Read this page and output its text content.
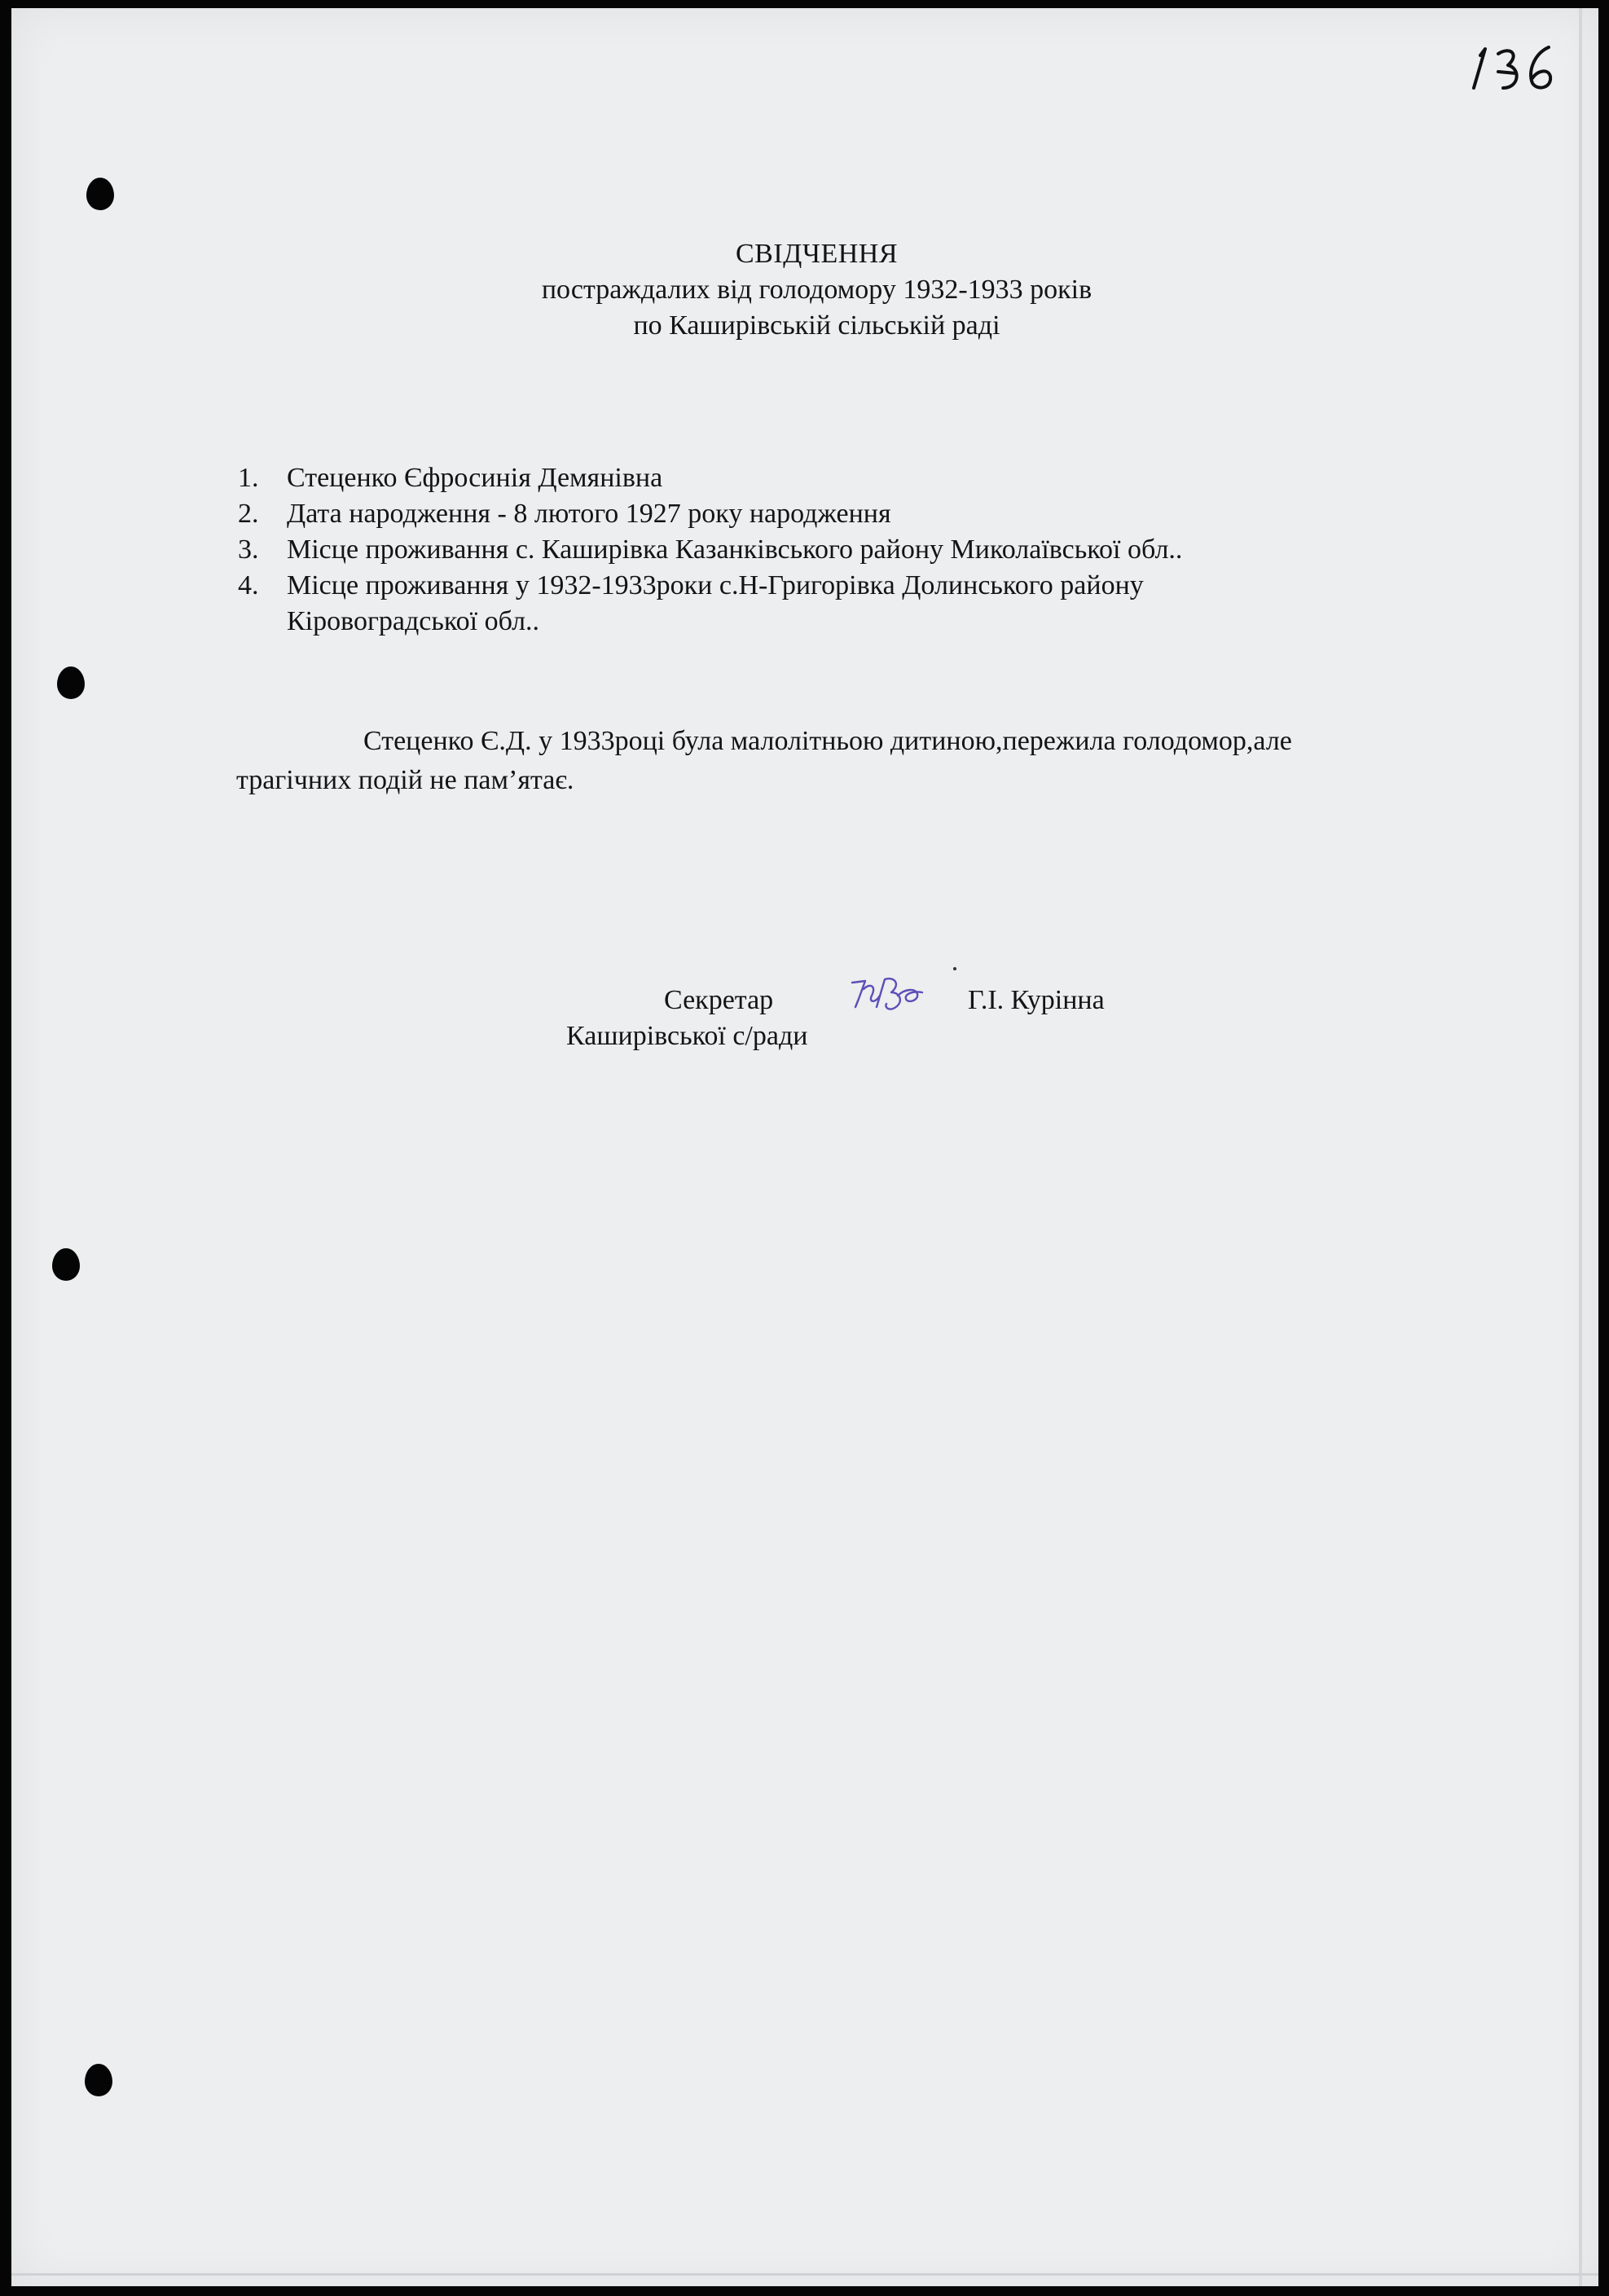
СВІДЧЕННЯ
постраждалих від голодомору 1932-1933 років
по Каширівській сільській раді
1. Стеценко Єфросинія Демянівна
2. Дата народження - 8 лютого 1927 року народження
3. Місце проживання с. Каширівка Казанківського району Миколаївської обл..
4. Місце проживання у 1932-1933роки с.Н-Григорівка Долинського району
Кіровоградської обл..

Стеценко Є.Д. у 1933році була малолітньою дитиною,пережила голодомор,але
трагічних подій не пам’ятає.

Секретар
Каширівської с/ради
Г.І. Курінна
